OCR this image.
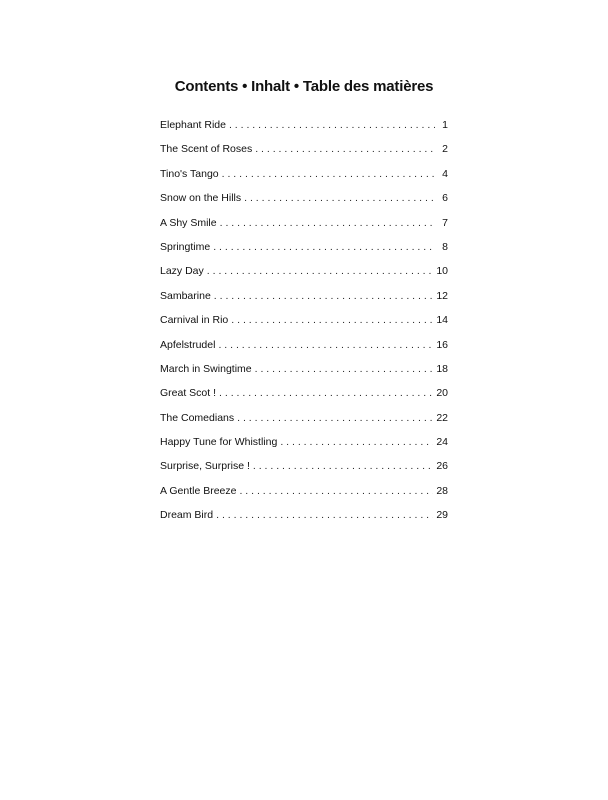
Contents • Inhalt • Table des matières
Elephant Ride . . .	1
The Scent of Roses . . .	2
Tino's Tango . . .	4
Snow on the Hills . . .	6
A Shy Smile . . .	7
Springtime . . .	8
Lazy Day . . .	10
Sambarine . . .	12
Carnival in Rio . . .	14
Apfelstrudel . . .	16
March in Swingtime . . .	18
Great Scot ! . . .	20
The Comedians . . .	22
Happy Tune for Whistling . . .	24
Surprise, Surprise ! . . .	26
A Gentle Breeze . . .	28
Dream Bird . . .	29
